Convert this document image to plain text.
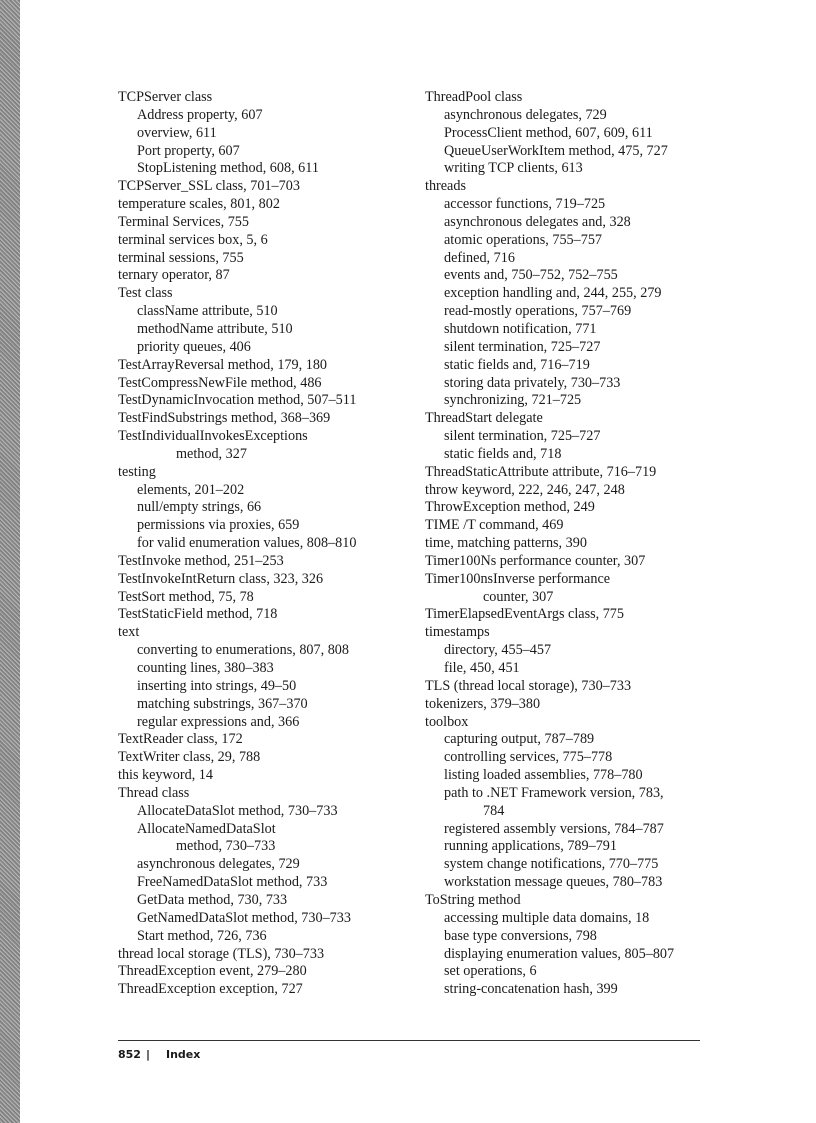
TCPServer class
Address property, 607
overview, 611
Port property, 607
StopListening method, 608, 611
TCPServer_SSL class, 701–703
temperature scales, 801, 802
Terminal Services, 755
terminal services box, 5, 6
terminal sessions, 755
ternary operator, 87
Test class
className attribute, 510
methodName attribute, 510
priority queues, 406
TestArrayReversal method, 179, 180
TestCompressNewFile method, 486
TestDynamicInvocation method, 507–511
TestFindSubstrings method, 368–369
TestIndividualInvokesExceptions
method, 327
testing
elements, 201–202
null/empty strings, 66
permissions via proxies, 659
for valid enumeration values, 808–810
TestInvoke method, 251–253
TestInvokeIntReturn class, 323, 326
TestSort method, 75, 78
TestStaticField method, 718
text
converting to enumerations, 807, 808
counting lines, 380–383
inserting into strings, 49–50
matching substrings, 367–370
regular expressions and, 366
TextReader class, 172
TextWriter class, 29, 788
this keyword, 14
Thread class
AllocateDataSlot method, 730–733
AllocateNamedDataSlot
method, 730–733
asynchronous delegates, 729
FreeNamedDataSlot method, 733
GetData method, 730, 733
GetNamedDataSlot method, 730–733
Start method, 726, 736
thread local storage (TLS), 730–733
ThreadException event, 279–280
ThreadException exception, 727
ThreadPool class
asynchronous delegates, 729
ProcessClient method, 607, 609, 611
QueueUserWorkItem method, 475, 727
writing TCP clients, 613
threads
accessor functions, 719–725
asynchronous delegates and, 328
atomic operations, 755–757
defined, 716
events and, 750–752, 752–755
exception handling and, 244, 255, 279
read-mostly operations, 757–769
shutdown notification, 771
silent termination, 725–727
static fields and, 716–719
storing data privately, 730–733
synchronizing, 721–725
ThreadStart delegate
silent termination, 725–727
static fields and, 718
ThreadStaticAttribute attribute, 716–719
throw keyword, 222, 246, 247, 248
ThrowException method, 249
TIME /T command, 469
time, matching patterns, 390
Timer100Ns performance counter, 307
Timer100nsInverse performance
counter, 307
TimerElapsedEventArgs class, 775
timestamps
directory, 455–457
file, 450, 451
TLS (thread local storage), 730–733
tokenizers, 379–380
toolbox
capturing output, 787–789
controlling services, 775–778
listing loaded assemblies, 778–780
path to .NET Framework version, 783,
784
registered assembly versions, 784–787
running applications, 789–791
system change notifications, 770–775
workstation message queues, 780–783
ToString method
accessing multiple data domains, 18
base type conversions, 798
displaying enumeration values, 805–807
set operations, 6
string-concatenation hash, 399
852 | Index
